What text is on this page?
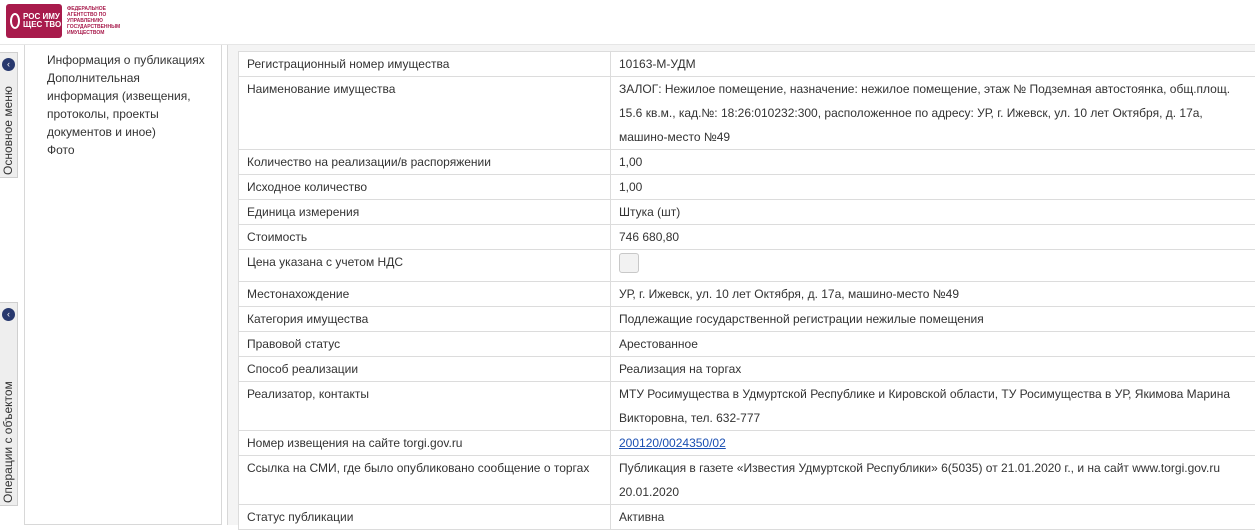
РОС ИМУ ЩЕС ТВО
ФЕДЕРАЛЬНОЕ АГЕНТСТВО ПО УПРАВЛЕНИЮ ГОСУДАРСТВЕННЫМ ИМУЩЕСТВОМ
‹
Основное меню
‹
Операции с объектом
Информация о публикациях
Дополнительная информация (извещения, протоколы, проекты документов и иное)
Фото
Регистрационный номер имущества	10163-М-УДМ
Наименование имущества	ЗАЛОГ: Нежилое помещение, назначение: нежилое помещение, этаж № Подземная автостоянка, общ.площ. 15.6 кв.м., кад.№: 18:26:010232:300, расположенное по адресу: УР, г. Ижевск, ул. 10 лет Октября, д. 17а, машино-место №49
Количество на реализации/в распоряжении	1,00
Исходное количество	1,00
Единица измерения	Штука (шт)
Стоимость	746 680,80
Цена указана с учетом НДС	
Местонахождение	УР, г. Ижевск, ул. 10 лет Октября, д. 17а, машино-место №49
Категория имущества	Подлежащие государственной регистрации нежилые помещения
Правовой статус	Арестованное
Способ реализации	Реализация на торгах
Реализатор, контакты	МТУ Росимущества в Удмуртской Республике и Кировской области, ТУ Росимущества в УР, Якимова Марина Викторовна, тел. 632-777
Номер извещения на сайте torgi.gov.ru	200120/0024350/02
Ссылка на СМИ, где было опубликовано сообщение о торгах	Публикация в газете «Известия Удмуртской Республики» 6(5035) от 21.01.2020 г., и на сайт www.torgi.gov.ru 20.01.2020
Статус публикации	Активна
